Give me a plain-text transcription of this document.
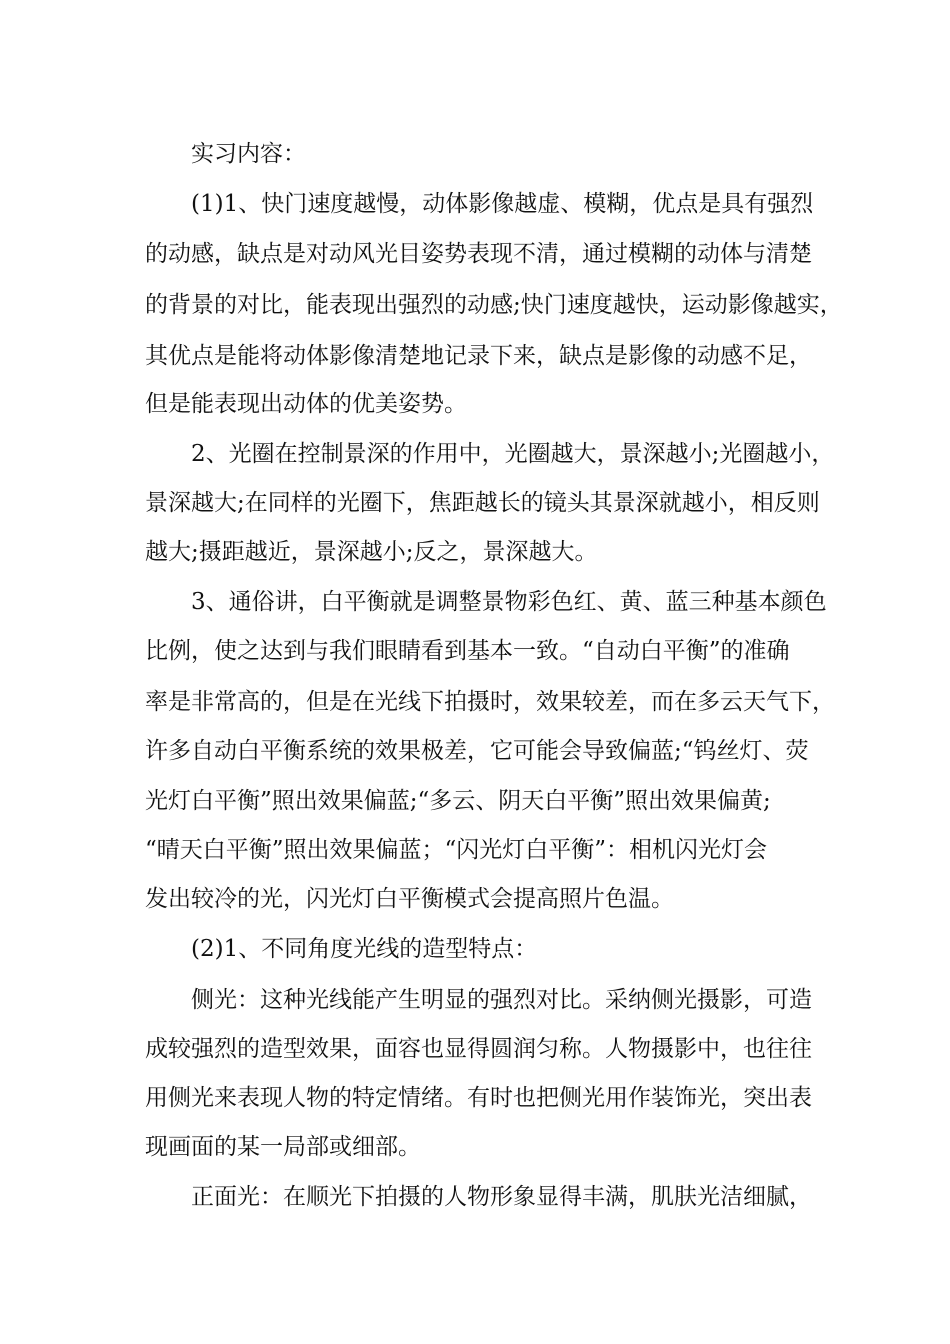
实习内容：
(1)1、快门速度越慢，动体影像越虚、模糊，优点是具有强烈
的动感，缺点是对动风光目姿势表现不清，通过模糊的动体与清楚
的背景的对比，能表现出强烈的动感;快门速度越快，运动影像越实，
其优点是能将动体影像清楚地记录下来，缺点是影像的动感不足，
但是能表现出动体的优美姿势。
2、光圈在控制景深的作用中，光圈越大，景深越小;光圈越小，
景深越大;在同样的光圈下，焦距越长的镜头其景深就越小，相反则
越大;摄距越近，景深越小;反之，景深越大。
3、通俗讲，白平衡就是调整景物彩色红、黄、蓝三种基本颜色
比例，使之达到与我们眼睛看到基本一致。“自动白平衡”的准确
率是非常高的，但是在光线下拍摄时，效果较差，而在多云天气下，
许多自动白平衡系统的效果极差，它可能会导致偏蓝;“钨丝灯、荧
光灯白平衡”照出效果偏蓝;“多云、阴天白平衡”照出效果偏黄;
“晴天白平衡”照出效果偏蓝；“闪光灯白平衡”：相机闪光灯会
发出较冷的光，闪光灯白平衡模式会提高照片色温。
(2)1、不同角度光线的造型特点：
侧光：这种光线能产生明显的强烈对比。采纳侧光摄影，可造
成较强烈的造型效果，面容也显得圆润匀称。人物摄影中，也往往
用侧光来表现人物的特定情绪。有时也把侧光用作装饰光，突出表
现画面的某一局部或细部。
正面光：在顺光下拍摄的人物形象显得丰满，肌肤光洁细腻，
